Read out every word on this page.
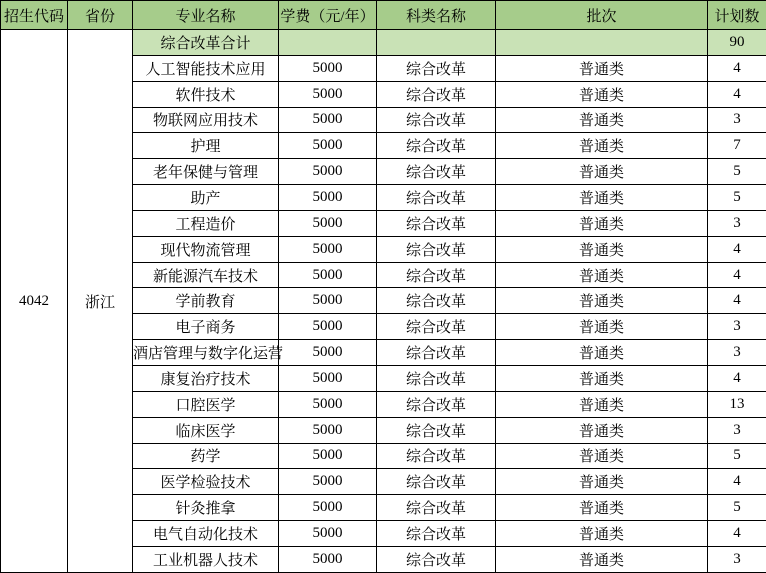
招生代码	省份	专业名称	学费（元/年）	科类名称	批次	计划数
4042	浙江	综合改革合计				90
		人工智能技术应用	5000	综合改革	普通类	4
		软件技术	5000	综合改革	普通类	4
		物联网应用技术	5000	综合改革	普通类	3
		护理	5000	综合改革	普通类	7
		老年保健与管理	5000	综合改革	普通类	5
		助产	5000	综合改革	普通类	5
		工程造价	5000	综合改革	普通类	3
		现代物流管理	5000	综合改革	普通类	4
		新能源汽车技术	5000	综合改革	普通类	4
		学前教育	5000	综合改革	普通类	4
		电子商务	5000	综合改革	普通类	3
		酒店管理与数字化运营	5000	综合改革	普通类	3
		康复治疗技术	5000	综合改革	普通类	4
		口腔医学	5000	综合改革	普通类	13
		临床医学	5000	综合改革	普通类	3
		药学	5000	综合改革	普通类	5
		医学检验技术	5000	综合改革	普通类	4
		针灸推拿	5000	综合改革	普通类	5
		电气自动化技术	5000	综合改革	普通类	4
		工业机器人技术	5000	综合改革	普通类	3
